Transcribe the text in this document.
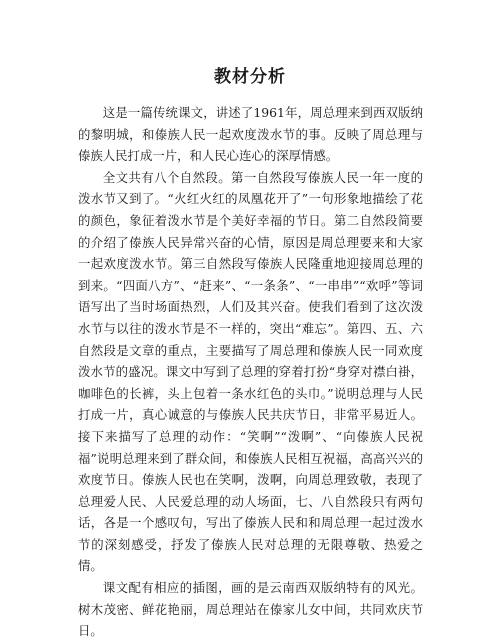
教材分析

这是一篇传统课文，讲述了1961年，周总理来到西双版纳的黎明城，和傣族人民一起欢度泼水节的事。反映了周总理与傣族人民打成一片，和人民心连心的深厚情感。

全文共有八个自然段。第一自然段写傣族人民一年一度的泼水节又到了。“火红火红的凤凰花开了”一句形象地描绘了花的颜色，象征着泼水节是个美好幸福的节日。第二自然段简要的介绍了傣族人民异常兴奋的心情，原因是周总理要来和大家一起欢度泼水节。第三自然段写傣族人民隆重地迎接周总理的到来。“四面八方”、“赶来”、“一条条”、“一串串”“欢呼”等词语写出了当时场面热烈，人们及其兴奋。使我们看到了这次泼水节与以往的泼水节是不一样的，突出“难忘”。第四、五、六自然段是文章的重点，主要描写了周总理和傣族人民一同欢度泼水节的盛况。课文中写到了总理的穿着打扮“身穿对襟白褂，咖啡色的长裤，头上包着一条水红色的头巾。”说明总理与人民打成一片，真心诚意的与傣族人民共庆节日，非常平易近人。接下来描写了总理的动作：“笑啊”“泼啊”、“向傣族人民祝福”说明总理来到了群众间，和傣族人民相互祝福，高高兴兴的欢度节日。傣族人民也在笑啊，泼啊，向周总理致敬，表现了总理爱人民、人民爱总理的动人场面，七、八自然段只有两句话，各是一个感叹句，写出了傣族人民和和周总理一起过泼水节的深刻感受，抒发了傣族人民对总理的无限尊敬、热爱之情。

课文配有相应的插图，画的是云南西双版纳特有的风光。树木茂密、鲜花艳丽，周总理站在傣家儿女中间，共同欢庆节日。
